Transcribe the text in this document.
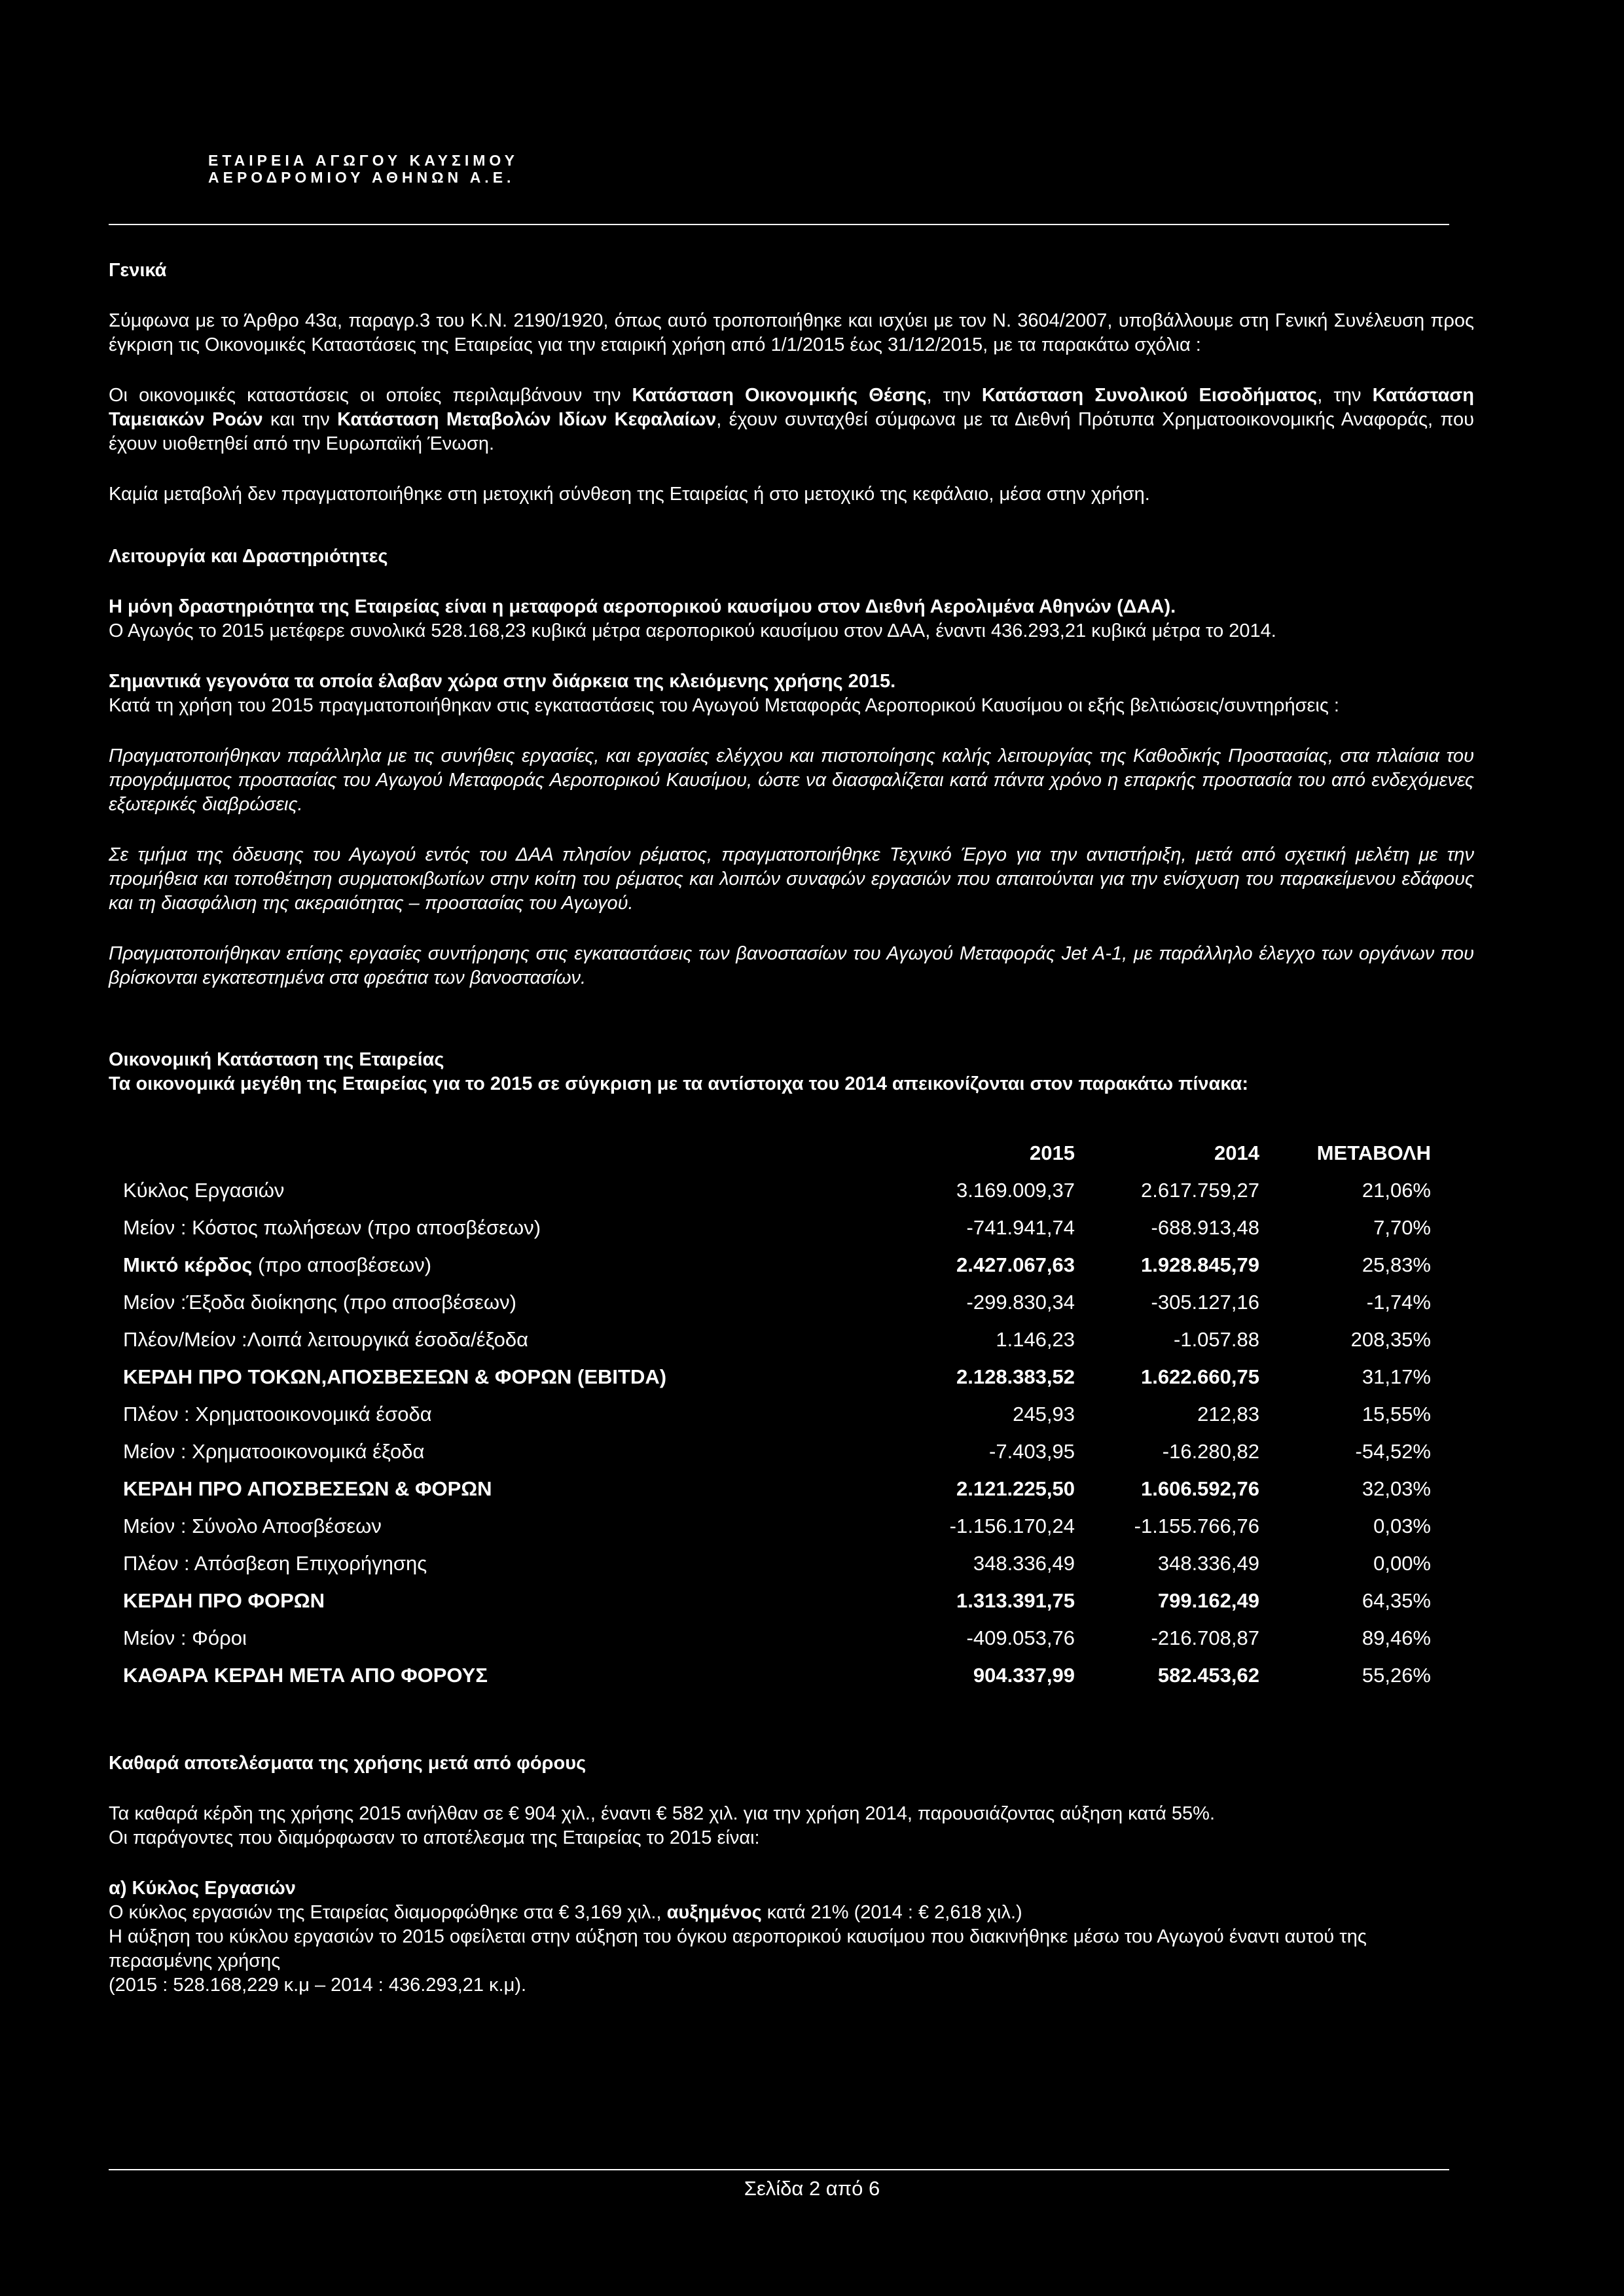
ΕΤΑΙΡΕΙΑ ΑΓΩΓΟΥ ΚΑΥΣΙΜΟΥ
ΑΕΡΟΔΡΟΜΙΟΥ ΑΘΗΝΩΝ Α.Ε.

Γενικά

Σύμφωνα με το Άρθρο 43α, παραγρ.3 του Κ.Ν. 2190/1920, όπως αυτό τροποποιήθηκε και ισχύει με τον Ν. 3604/2007, υποβάλλουμε στη Γενική Συνέλευση προς έγκριση τις Οικονομικές Καταστάσεις της Εταιρείας για την εταιρική χρήση από 1/1/2015 έως 31/12/2015, με τα παρακάτω σχόλια :

Οι οικονομικές καταστάσεις οι οποίες περιλαμβάνουν την Κατάσταση Οικονομικής Θέσης, την Κατάσταση Συνολικού Εισοδήματος, την Κατάσταση Ταμειακών Ροών και την Κατάσταση Μεταβολών Ιδίων Κεφαλαίων, έχουν συνταχθεί σύμφωνα με τα Διεθνή Πρότυπα Χρηματοοικονομικής Αναφοράς, που έχουν υιοθετηθεί από την Ευρωπαϊκή Ένωση.

Καμία μεταβολή δεν πραγματοποιήθηκε στη μετοχική σύνθεση της Εταιρείας ή στο μετοχικό της κεφάλαιο, μέσα στην χρήση.

Λειτουργία και Δραστηριότητες

Η μόνη δραστηριότητα της Εταιρείας είναι η μεταφορά αεροπορικού καυσίμου στον Διεθνή Αερολιμένα Αθηνών (ΔΑΑ).

Ο Αγωγός το 2015 μετέφερε συνολικά 528.168,23 κυβικά μέτρα αεροπορικού καυσίμου στον ΔΑΑ, έναντι 436.293,21 κυβικά μέτρα το 2014.

Σημαντικά γεγονότα τα οποία έλαβαν χώρα στην διάρκεια της κλειόμενης χρήσης 2015.

Κατά τη χρήση του 2015 πραγματοποιήθηκαν στις εγκαταστάσεις του Αγωγού Μεταφοράς Αεροπορικού Καυσίμου οι εξής βελτιώσεις/συντηρήσεις :

Πραγματοποιήθηκαν παράλληλα με τις συνήθεις εργασίες, και εργασίες ελέγχου και πιστοποίησης καλής λειτουργίας της Καθοδικής Προστασίας, στα πλαίσια του προγράμματος προστασίας του Αγωγού Μεταφοράς Αεροπορικού Καυσίμου, ώστε να διασφαλίζεται κατά πάντα χρόνο η επαρκής προστασία του από ενδεχόμενες εξωτερικές διαβρώσεις.

Σε τμήμα της όδευσης του Αγωγού εντός του ΔΑΑ πλησίον ρέματος, πραγματοποιήθηκε Τεχνικό Έργο για την αντιστήριξη, μετά από σχετική μελέτη με την προμήθεια και τοποθέτηση συρματοκιβωτίων στην κοίτη του ρέματος και λοιπών συναφών εργασιών που απαιτούνται για την ενίσχυση του παρακείμενου εδάφους και τη διασφάλιση της ακεραιότητας – προστασίας του Αγωγού.

Πραγματοποιήθηκαν επίσης εργασίες συντήρησης στις εγκαταστάσεις των βανοστασίων του Αγωγού Μεταφοράς Jet A-1, με παράλληλο έλεγχο των οργάνων που βρίσκονται εγκατεστημένα στα φρεάτια των βανοστασίων.

Οικονομική Κατάσταση της Εταιρείας

Τα οικονομικά μεγέθη της Εταιρείας για το 2015 σε σύγκριση με τα αντίστοιχα του 2014 απεικονίζονται στον παρακάτω πίνακα:

	2015	2014	ΜΕΤΑΒΟΛΗ
Κύκλος Εργασιών	3.169.009,37	2.617.759,27	21,06%
Μείον : Κόστος πωλήσεων (προ αποσβέσεων)	-741.941,74	-688.913,48	7,70%
Μικτό κέρδος (προ αποσβέσεων)	2.427.067,63	1.928.845,79	25,83%
Μείον :Έξοδα διοίκησης (προ αποσβέσεων)	-299.830,34	-305.127,16	-1,74%
Πλέον/Μείον :Λοιπά λειτουργικά έσοδα/έξοδα	1.146,23	-1.057.88	208,35%
ΚΕΡΔΗ ΠΡΟ ΤΟΚΩΝ,ΑΠΟΣΒΕΣΕΩΝ & ΦΟΡΩΝ (EBITDA)	2.128.383,52	1.622.660,75	31,17%
Πλέον : Χρηματοοικονομικά έσοδα	245,93	212,83	15,55%
Μείον : Χρηματοοικονομικά έξοδα	-7.403,95	-16.280,82	-54,52%
ΚΕΡΔΗ ΠΡΟ ΑΠΟΣΒΕΣΕΩΝ & ΦΟΡΩΝ	2.121.225,50	1.606.592,76	32,03%
Μείον : Σύνολο Αποσβέσεων	-1.156.170,24	-1.155.766,76	0,03%
Πλέον : Απόσβεση Επιχορήγησης	348.336,49	348.336,49	0,00%
ΚΕΡΔΗ ΠΡΟ ΦΟΡΩΝ	1.313.391,75	799.162,49	64,35%
Μείον : Φόροι	-409.053,76	-216.708,87	89,46%
ΚΑΘΑΡΑ ΚΕΡΔΗ ΜΕΤΑ ΑΠΟ ΦΟΡΟΥΣ	904.337,99	582.453,62	55,26%

Καθαρά αποτελέσματα της χρήσης μετά από φόρους

Τα καθαρά κέρδη της χρήσης 2015 ανήλθαν σε € 904 χιλ., έναντι € 582 χιλ. για την χρήση 2014, παρουσιάζοντας αύξηση κατά 55%.

Οι παράγοντες που διαμόρφωσαν το αποτέλεσμα της Εταιρείας το 2015 είναι:

α) Κύκλος Εργασιών

Ο κύκλος εργασιών της Εταιρείας διαμορφώθηκε στα € 3,169 χιλ., αυξημένος κατά 21% (2014 : € 2,618 χιλ.)

Η αύξηση του κύκλου εργασιών το 2015 οφείλεται στην αύξηση του όγκου αεροπορικού καυσίμου που διακινήθηκε μέσω του Αγωγού έναντι αυτού της περασμένης χρήσης

(2015 : 528.168,229 κ.μ – 2014 : 436.293,21 κ.μ).

Σελίδα 2 από 6
